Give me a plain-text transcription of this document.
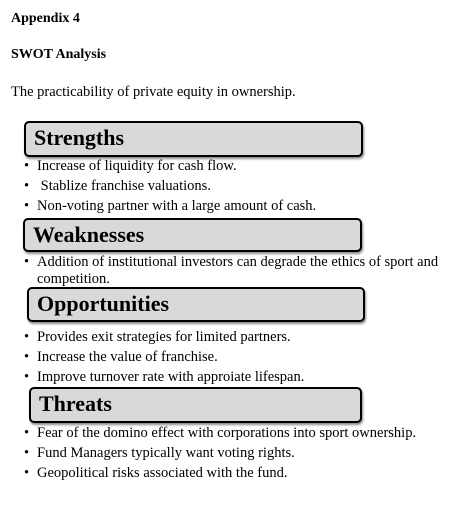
Appendix 4
SWOT Analysis
The practicability of private equity in ownership.
Strengths
• Increase of liquidity for cash flow.
• Stablize franchise valuations.
• Non-voting partner with a large amount of cash.
Weaknesses
• Addition of institutional investors can degrade the ethics of sport and competition.
Opportunities
• Provides exit strategies for limited partners.
• Increase the value of franchise.
• Improve turnover rate with approiate lifespan.
Threats
• Fear of the domino effect with corporations into sport ownership.
• Fund Managers typically want voting rights.
• Geopolitical risks associated with the fund.
